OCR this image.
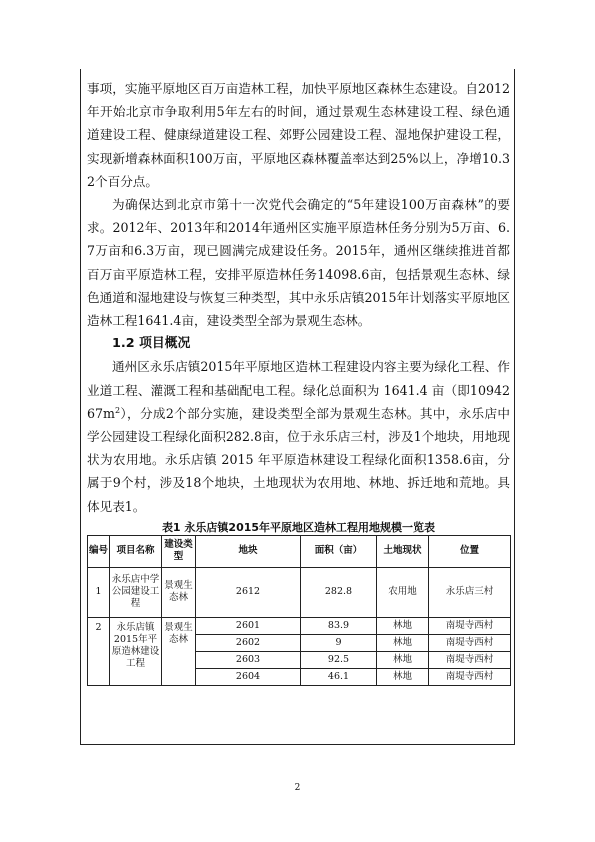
事项，实施平原地区百万亩造林工程，加快平原地区森林生态建设。自2012年开始北京市争取利用5年左右的时间，通过景观生态林建设工程、绿色通道建设工程、健康绿道建设工程、郊野公园建设工程、湿地保护建设工程，实现新增森林面积100万亩，平原地区森林覆盖率达到25%以上，净增10.32个百分点。

为确保达到北京市第十一次党代会确定的“5年建设100万亩森林”的要求。2012年、2013年和2014年通州区实施平原造林任务分别为5万亩、6.7万亩和6.3万亩，现已圆满完成建设任务。2015年，通州区继续推进首都百万亩平原造林工程，安排平原造林任务14098.6亩，包括景观生态林、绿色通道和湿地建设与恢复三种类型，其中永乐店镇2015年计划落实平原地区造林工程1641.4亩，建设类型全部为景观生态林。

1.2 项目概况

通州区永乐店镇2015年平原地区造林工程建设内容主要为绿化工程、作业道工程、灌溉工程和基础配电工程。绿化总面积为 1641.4 亩（即$1094267m^2$），分成2个部分实施，建设类型全部为景观生态林。其中，永乐店中学公园建设工程绿化面积282.8亩，位于永乐店三村，涉及1个地块，用地现状为农用地。永乐店镇 2015 年平原造林建设工程绿化面积1358.6亩，分属于9个村，涉及18个地块，土地现状为农用地、林地、拆迁地和荒地。具体见表1。

表1 永乐店镇2015年平原地区造林工程用地规模一览表

编号	项目名称	建设类型	地块	面积（亩）	土地现状	位置
1	永乐店中学公园建设工程	景观生态林	2612	282.8	农用地	永乐店三村
2	永乐店镇2015年平原造林建设工程	景观生态林	2601	83.9	林地	南堤寺西村
			2602	9	林地	南堤寺西村
			2603	92.5	林地	南堤寺西村
			2604	46.1	林地	南堤寺西村
2
